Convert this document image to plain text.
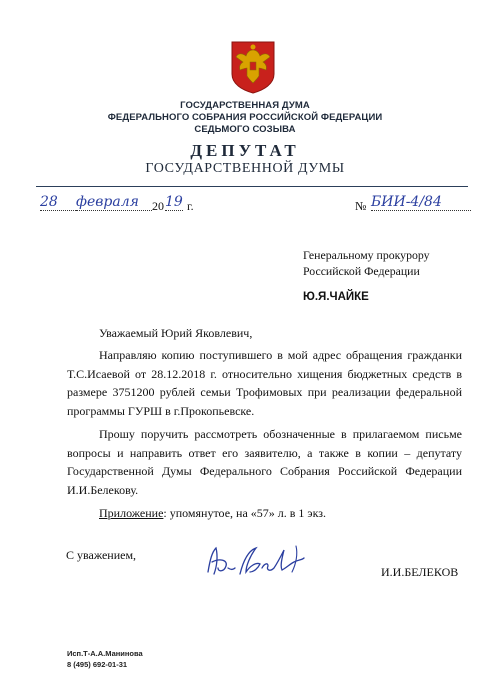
ГОСУДАРСТВЕННАЯ ДУМА
ФЕДЕРАЛЬНОГО СОБРАНИЯ РОССИЙСКОЙ ФЕДЕРАЦИИ
СЕДЬМОГО СОЗЫВА
ДЕПУТАТ
ГОСУДАРСТВЕННОЙ ДУМЫ
28	февраля	20 19 г.	№ БИИ-4/84
Генеральному прокурору
Российской Федерации
Ю.Я.ЧАЙКЕ
Уважаемый Юрий Яковлевич,
Направляю копию поступившего в мой адрес обращения гражданки Т.С.Исаевой от 28.12.2018 г. относительно хищения бюджетных средств в размере 3751200 рублей семьи Трофимовых при реализации федеральной программы ГУРШ в г.Прокопьевске.
Прошу поручить рассмотреть обозначенные в прилагаемом письме вопросы и направить ответ его заявителю, а также в копии – депутату Государственной Думы Федерального Собрания Российской Федерации И.И.Белекову.
Приложение: упомянутое, на «57» л. в 1 экз.
С уважением,
И.И.БЕЛЕКОВ
Исп.Т-А.А.Манинова
8 (495) 692-01-31
